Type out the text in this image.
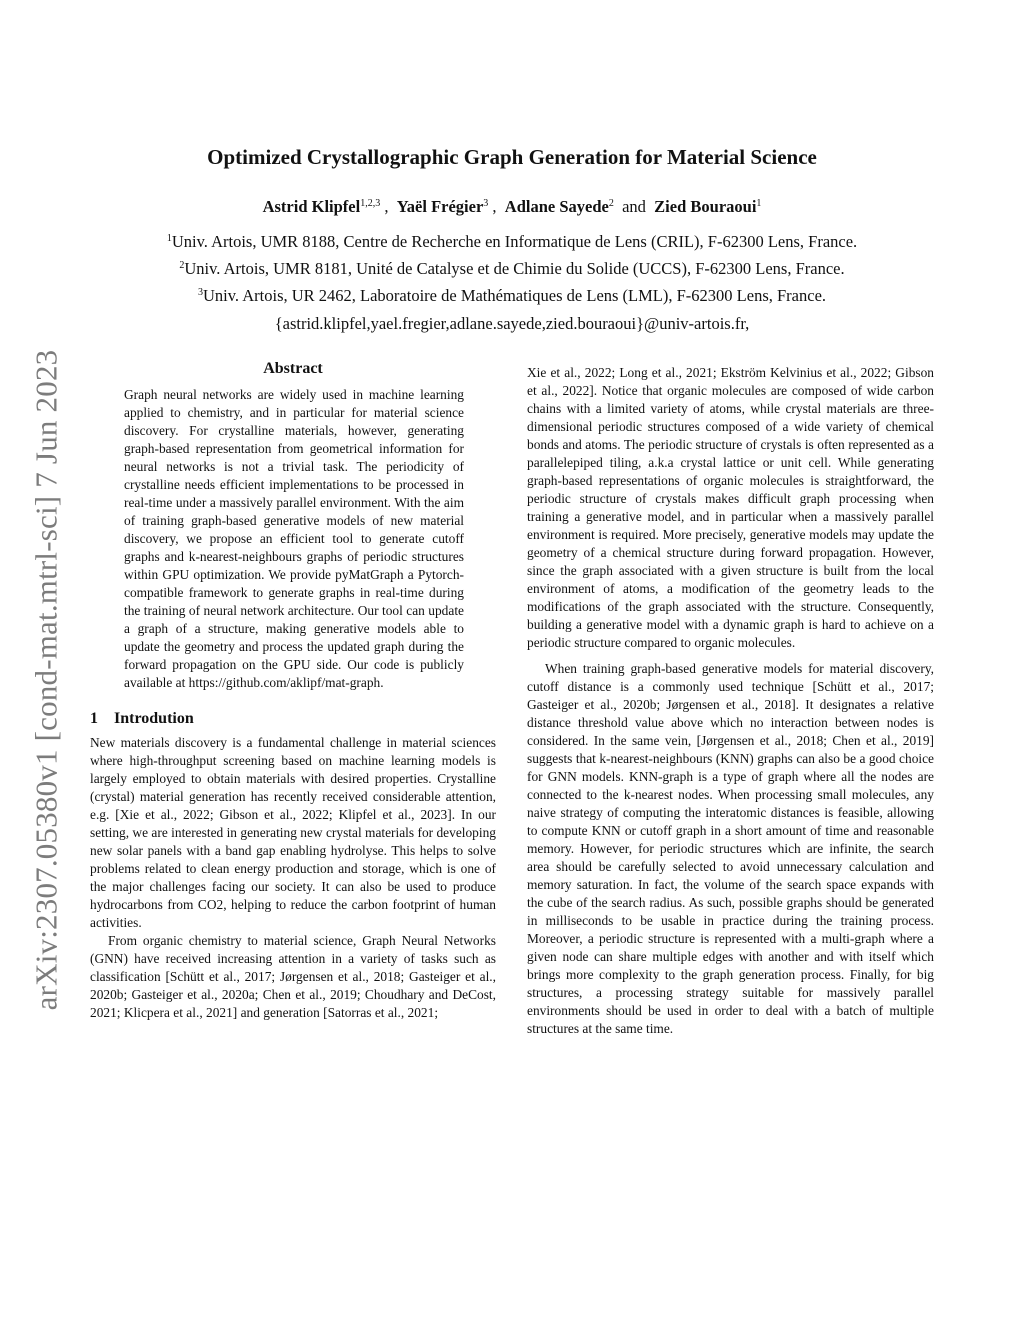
arXiv:2307.05380v1 [cond-mat.mtrl-sci] 7 Jun 2023
Optimized Crystallographic Graph Generation for Material Science
Astrid Klipfel$^{1,2,3}$ , Yaël Frégier$^3$ , Adlane Sayede$^2$ and Zied Bouraoui$^1$
$^1$Univ. Artois, UMR 8188, Centre de Recherche en Informatique de Lens (CRIL), F-62300 Lens, France.
$^2$Univ. Artois, UMR 8181, Unité de Catalyse et de Chimie du Solide (UCCS), F-62300 Lens, France.
$^3$Univ. Artois, UR 2462, Laboratoire de Mathématiques de Lens (LML), F-62300 Lens, France.
{astrid.klipfel,yael.fregier,adlane.sayede,zied.bouraoui}@univ-artois.fr,
Abstract

Graph neural networks are widely used in machine learning applied to chemistry, and in particular for material science discovery. For crystalline materials, however, generating graph-based representation from geometrical information for neural networks is not a trivial task. The periodicity of crystalline needs efficient implementations to be processed in real-time under a massively parallel environment. With the aim of training graph-based generative models of new material discovery, we propose an efficient tool to generate cutoff graphs and k-nearest-neighbours graphs of periodic structures within GPU optimization. We provide pyMatGraph a Pytorch-compatible framework to generate graphs in real-time during the training of neural network architecture. Our tool can update a graph of a structure, making generative models able to update the geometry and process the updated graph during the forward propagation on the GPU side. Our code is publicly available at https://github.com/aklipf/mat-graph.

1 Introdution

New materials discovery is a fundamental challenge in material sciences where high-throughput screening based on machine learning models is largely employed to obtain materials with desired properties. Crystalline (crystal) material generation has recently received considerable attention, e.g. [Xie et al., 2022; Gibson et al., 2022; Klipfel et al., 2023]. In our setting, we are interested in generating new crystal materials for developing new solar panels with a band gap enabling hydrolyse. This helps to solve problems related to clean energy production and storage, which is one of the major challenges facing our society. It can also be used to produce hydrocarbons from CO2, helping to reduce the carbon footprint of human activities.

From organic chemistry to material science, Graph Neural Networks (GNN) have received increasing attention in a variety of tasks such as classification [Schütt et al., 2017; Jørgensen et al., 2018; Gasteiger et al., 2020b; Gasteiger et al., 2020a; Chen et al., 2019; Choudhary and DeCost, 2021; Klicpera et al., 2021] and generation [Satorras et al., 2021;

Xie et al., 2022; Long et al., 2021; Ekström Kelvinius et al., 2022; Gibson et al., 2022]. Notice that organic molecules are composed of wide carbon chains with a limited variety of atoms, while crystal materials are three-dimensional periodic structures composed of a wide variety of chemical bonds and atoms. The periodic structure of crystals is often represented as a parallelepiped tiling, a.k.a crystal lattice or unit cell. While generating graph-based representations of organic molecules is straightforward, the periodic structure of crystals makes difficult graph processing when training a generative model, and in particular when a massively parallel environment is required. More precisely, generative models may update the geometry of a chemical structure during forward propagation. However, since the graph associated with a given structure is built from the local environment of atoms, a modification of the geometry leads to the modifications of the graph associated with the structure. Consequently, building a generative model with a dynamic graph is hard to achieve on a periodic structure compared to organic molecules.

When training graph-based generative models for material discovery, cutoff distance is a commonly used technique [Schütt et al., 2017; Gasteiger et al., 2020b; Jørgensen et al., 2018]. It designates a relative distance threshold value above which no interaction between nodes is considered. In the same vein, [Jørgensen et al., 2018; Chen et al., 2019] suggests that k-nearest-neighbours (KNN) graphs can also be a good choice for GNN models. KNN-graph is a type of graph where all the nodes are connected to the k-nearest nodes. When processing small molecules, any naive strategy of computing the interatomic distances is feasible, allowing to compute KNN or cutoff graph in a short amount of time and reasonable memory. However, for periodic structures which are infinite, the search area should be carefully selected to avoid unnecessary calculation and memory saturation. In fact, the volume of the search space expands with the cube of the search radius. As such, possible graphs should be generated in milliseconds to be usable in practice during the training process. Moreover, a periodic structure is represented with a multi-graph where a given node can share multiple edges with another and with itself which brings more complexity to the graph generation process. Finally, for big structures, a processing strategy suitable for massively parallel environments should be used in order to deal with a batch of multiple structures at the same time.
